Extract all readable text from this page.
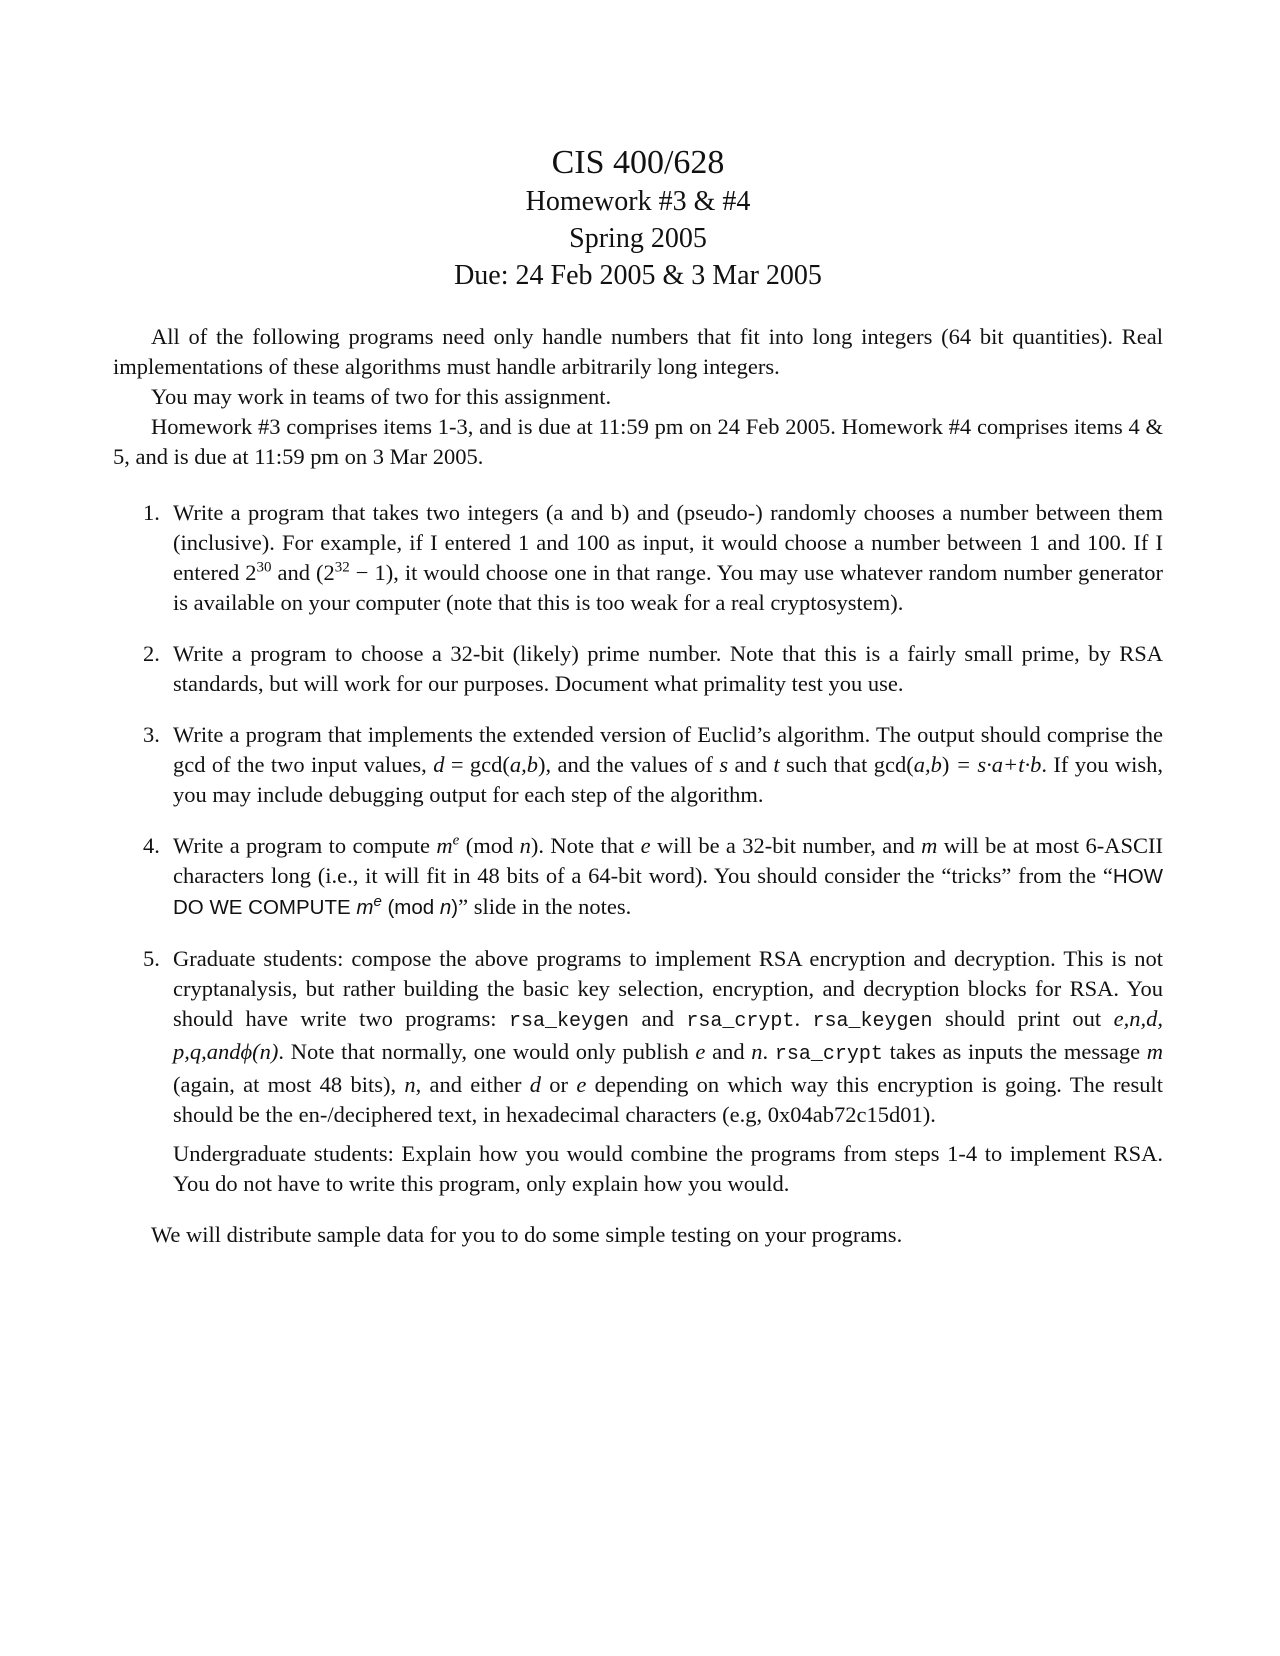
CIS 400/628
Homework #3 & #4
Spring 2005
Due: 24 Feb 2005 & 3 Mar 2005

All of the following programs need only handle numbers that fit into long integers (64 bit quantities). Real implementations of these algorithms must handle arbitrarily long integers.

You may work in teams of two for this assignment.

Homework #3 comprises items 1-3, and is due at 11:59 pm on 24 Feb 2005. Homework #4 comprises items 4 & 5, and is due at 11:59 pm on 3 Mar 2005.

1. Write a program that takes two integers (a and b) and (pseudo-) randomly chooses a number between them (inclusive). For example, if I entered 1 and 100 as input, it would choose a number between 1 and 100. If I entered $2^{30}$ and $(2^{32} - 1)$, it would choose one in that range. You may use whatever random number generator is available on your computer (note that this is too weak for a real cryptosystem).

2. Write a program to choose a 32-bit (likely) prime number. Note that this is a fairly small prime, by RSA standards, but will work for our purposes. Document what primality test you use.

3. Write a program that implements the extended version of Euclid’s algorithm. The output should comprise the gcd of the two input values, d = gcd(a,b), and the values of s and t such that gcd(a,b) = s·a+t·b. If you wish, you may include debugging output for each step of the algorithm.

4. Write a program to compute $m^e$ (mod n). Note that e will be a 32-bit number, and m will be at most 6-ASCII characters long (i.e., it will fit in 48 bits of a 64-bit word). You should consider the “tricks” from the “HOW DO WE COMPUTE $m^e$ (mod n)” slide in the notes.

5. Graduate students: compose the above programs to implement RSA encryption and decryption. This is not cryptanalysis, but rather building the basic key selection, encryption, and decryption blocks for RSA. You should have write two programs: rsa_keygen and rsa_crypt. rsa_keygen should print out e,n,d, p,q,andϕ(n). Note that normally, one would only publish e and n. rsa_crypt takes as inputs the message m (again, at most 48 bits), n, and either d or e depending on which way this encryption is going. The result should be the en-/deciphered text, in hexadecimal characters (e.g, 0x04ab72c15d01).

Undergraduate students: Explain how you would combine the programs from steps 1-4 to implement RSA. You do not have to write this program, only explain how you would.

We will distribute sample data for you to do some simple testing on your programs.
